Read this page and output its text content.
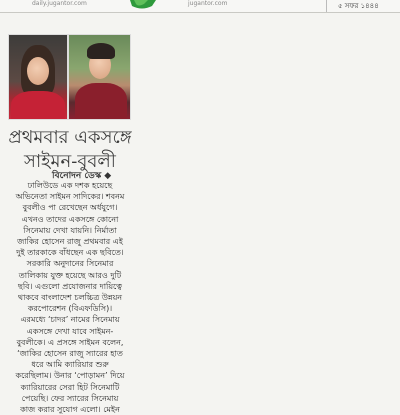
daily.jugantor.com	jugantor.com	৫ সফর ১৪৪৪
প্রথমবার একসঙ্গে
সাইমন-বুবলী
বিনোদন ডেস্ক ◆
ঢালিউডে এক দশক হয়েছে
অভিনেতা সাইমন সাদিকের। শবনম
বুবলীও পা রেখেছেন অর্ধযুগে।
এখনও তাদের একসঙ্গে কোনো
সিনেমায় দেখা যায়নি। নির্মাতা
জাকির হোসেন রাজু প্রথমবার এই
দুই তারকাকে বাঁধছেন এক ছবিতে।
সরকারি অনুদানের সিনেমার
তালিকায় যুক্ত হয়েছে আরও দুটি
ছবি। এগুলো প্রযোজনার দায়িত্বে
থাকবে বাংলাদেশ চলচ্চিত্র উন্নয়ন
করপোরেশন (বিএফডিসি)।
এরমধ্যে ‘চাদর’ নামের সিনেমায়
একসঙ্গে দেখা যাবে সাইমন-
বুবলীকে। এ প্রসঙ্গে সাইমন বলেন,
‘জাকির হোসেন রাজু স্যারের হাত
ধরে আমি ক্যারিয়ার শুরু
করেছিলাম। উনার ‘পোড়ামন’ দিয়ে
ক্যারিয়ারের সেরা হিট সিনেমাটি
পেয়েছি। ফের স্যারের সিনেমায়
কাজ করার সুযোগ এলো। মেইন
